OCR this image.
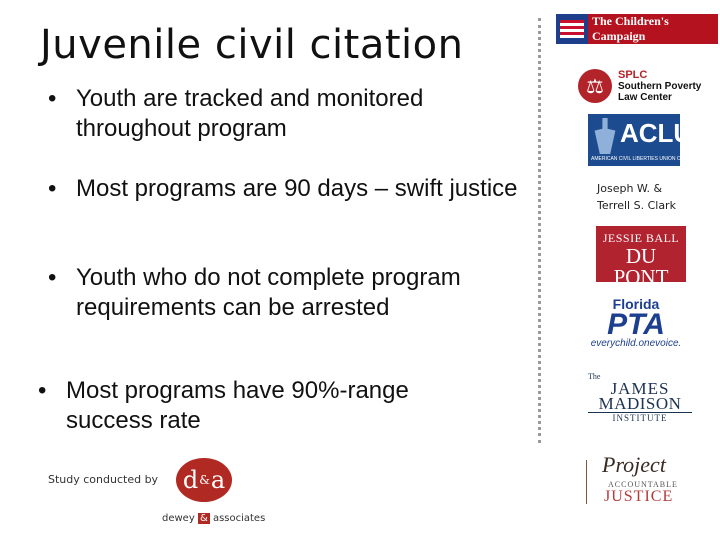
Juvenile civil citation
• Youth are tracked and monitored throughout program
• Most programs are 90 days – swift justice
• Youth who do not complete program requirements can be arrested
• Most programs have 90%-range success rate
Study conducted by d & a
dewey & associates
The Children's Campaign
⚖
SPLC
Southern Poverty
Law Center
ACLU
AMERICAN CIVIL LIBERTIES UNION OF FLORIDA
Joseph W. &
Terrell S. Clark
JESSIE BALL
DU PONT
FUND
Florida
PTA
everychild.onevoice.
The
JAMES
MADISON
INSTITUTE
Project
ACCOUNTABLE
JUSTICE
